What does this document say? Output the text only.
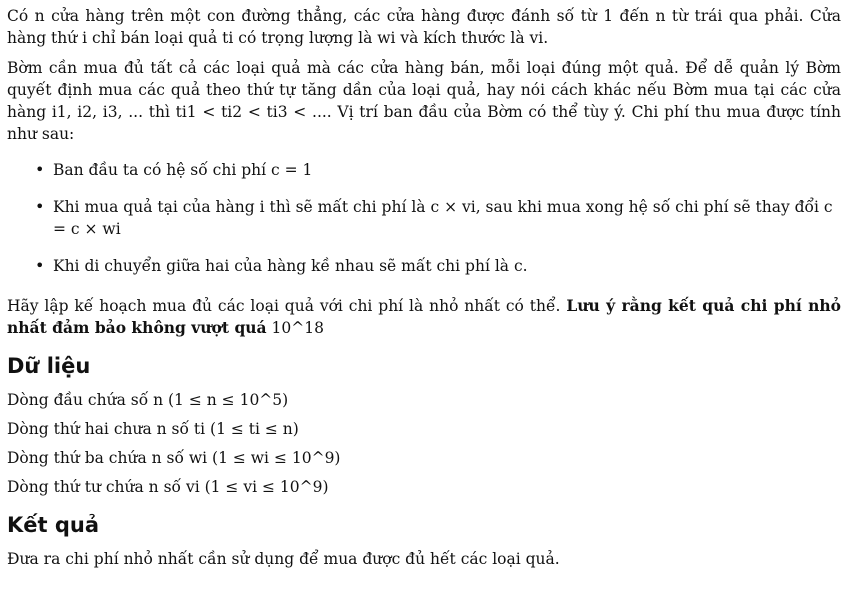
Có n cửa hàng trên một con đường thẳng, các cửa hàng được đánh số từ 1 đến n từ trái qua phải. Cửa hàng thứ i chỉ bán loại quả ti có trọng lượng là wi và kích thước là vi.

Bờm cần mua đủ tất cả các loại quả mà các cửa hàng bán, mỗi loại đúng một quả. Để dễ quản lý Bờm quyết định mua các quả theo thứ tự tăng dần của loại quả, hay nói cách khác nếu Bờm mua tại các cửa hàng i1, i2, i3, ... thì ti1 < ti2 < ti3 < .... Vị trí ban đầu của Bờm có thể tùy ý. Chi phí thu mua được tính như sau:

• Ban đầu ta có hệ số chi phí c = 1
• Khi mua quả tại của hàng i thì sẽ mất chi phí là c × vi, sau khi mua xong hệ số chi phí sẽ thay đổi c = c × wi
• Khi di chuyển giữa hai của hàng kề nhau sẽ mất chi phí là c.

Hãy lập kế hoạch mua đủ các loại quả với chi phí là nhỏ nhất có thể. Lưu ý rằng kết quả chi phí nhỏ nhất đảm bảo không vượt quá 10^18

Dữ liệu
Dòng đầu chứa số n (1 ≤ n ≤ 10^5)
Dòng thứ hai chưa n số ti (1 ≤ ti ≤ n)
Dòng thứ ba chứa n số wi (1 ≤ wi ≤ 10^9)
Dòng thứ tư chứa n số vi (1 ≤ vi ≤ 10^9)
Kết quả
Đưa ra chi phí nhỏ nhất cần sử dụng để mua được đủ hết các loại quả.
